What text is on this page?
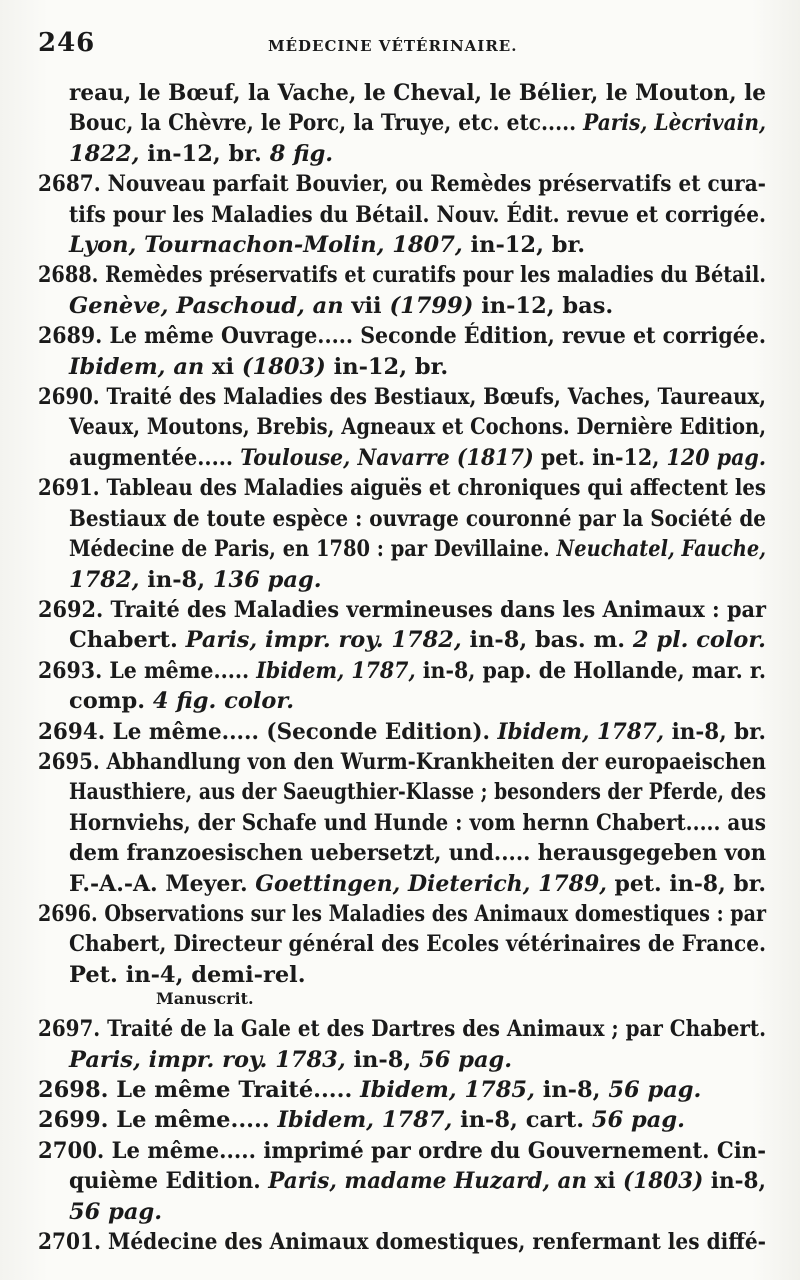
246	MÉDECINE VÉTÉRINAIRE.
reau, le Bœuf, la Vache, le Cheval, le Bélier, le Mouton, le
Bouc, la Chèvre, le Porc, la Truye, etc. etc..... Paris, Lècrivain,
1822, in-12, br. 8 fig.
2687. Nouveau parfait Bouvier, ou Remèdes préservatifs et cura-
tifs pour les Maladies du Bétail. Nouv. Édit. revue et corrigée.
Lyon, Tournachon-Molin, 1807, in-12, br.
2688. Remèdes préservatifs et curatifs pour les maladies du Bétail.
Genève, Paschoud, an vii (1799) in-12, bas.
2689. Le même Ouvrage..... Seconde Édition, revue et corrigée.
Ibidem, an xi (1803) in-12, br.
2690. Traité des Maladies des Bestiaux, Bœufs, Vaches, Taureaux,
Veaux, Moutons, Brebis, Agneaux et Cochons. Dernière Edition,
augmentée..... Toulouse, Navarre (1817) pet. in-12, 120 pag.
2691. Tableau des Maladies aiguës et chroniques qui affectent les
Bestiaux de toute espèce : ouvrage couronné par la Société de
Médecine de Paris, en 1780 : par Devillaine. Neuchatel, Fauche,
1782, in-8, 136 pag.
2692. Traité des Maladies vermineuses dans les Animaux : par
Chabert. Paris, impr. roy. 1782, in-8, bas. m. 2 pl. color.
2693. Le même..... Ibidem, 1787, in-8, pap. de Hollande, mar. r.
comp. 4 fig. color.
2694. Le même..... (Seconde Edition). Ibidem, 1787, in-8, br.
2695. Abhandlung von den Wurm-Krankheiten der europaeischen
Hausthiere, aus der Saeugthier-Klasse ; besonders der Pferde, des
Hornviehs, der Schafe und Hunde : vom hernn Chabert..... aus
dem franzoesischen uebersetzt, und..... herausgegeben von
F.-A.-A. Meyer. Goettingen, Dieterich, 1789, pet. in-8, br.
2696. Observations sur les Maladies des Animaux domestiques : par
Chabert, Directeur général des Ecoles vétérinaires de France.
Pet. in-4, demi-rel.
Manuscrit.
2697. Traité de la Gale et des Dartres des Animaux ; par Chabert.
Paris, impr. roy. 1783, in-8, 56 pag.
2698. Le même Traité..... Ibidem, 1785, in-8, 56 pag.
2699. Le même..... Ibidem, 1787, in-8, cart. 56 pag.
2700. Le même..... imprimé par ordre du Gouvernement. Cin-
quième Edition. Paris, madame Huzard, an xi (1803) in-8,
56 pag.
2701. Médecine des Animaux domestiques, renfermant les diffé-
